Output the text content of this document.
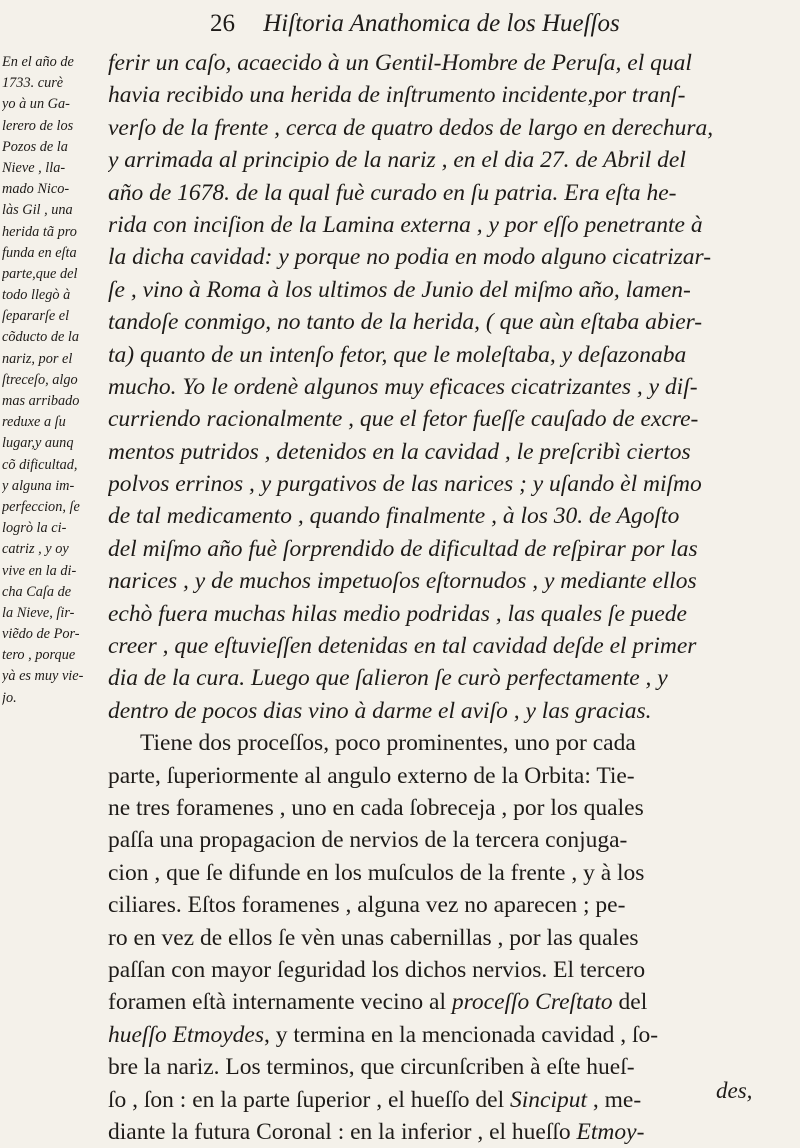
26 Hiſtoria Anathomica de los Hueſſos
En el año de
1733. curè
yo à un Ga-
lerero de los
Pozos de la
Nieve , lla-
mado Nico-
làs Gil , una
herida tã pro
funda en eſta
parte,que del
todo llegò à
ſepararſe el
cõducto de la
nariz, por el
ſtreceſo, algo
mas arribado
reduxe a ſu
lugar,y aunq
cõ dificultad,
y alguna im-
perfeccion, ſe
logrò la ci-
catriz , y oy
vive en la di-
cha Caſa de
la Nieve, ſir-
viẽdo de Por-
tero , porque
yà es muy vie-
jo.
ferir un caſo, acaecido à un Gentil-Hombre de Peruſa, el qual
havia recibido una herida de inſtrumento incidente,por tranſ-
verſo de la frente , cerca de quatro dedos de largo en derechura,
y arrimada al principio de la nariz , en el dia 27. de Abril del
año de 1678. de la qual fuè curado en ſu patria. Era eſta he-
rida con inciſion de la Lamina externa , y por eſſo penetrante à
la dicha cavidad: y porque no podia en modo alguno cicatrizar-
ſe , vino à Roma à los ultimos de Junio del miſmo año, lamen-
tandoſe conmigo, no tanto de la herida, ( que aùn eſtaba abier-
ta) quanto de un intenſo fetor, que le moleſtaba, y deſazonaba
mucho. Yo le ordenè algunos muy eficaces cicatrizantes , y diſ-
curriendo racionalmente , que el fetor fueſſe cauſado de excre-
mentos putridos , detenidos en la cavidad , le preſcribì ciertos
polvos errinos , y purgativos de las narices ; y uſando èl miſmo
de tal medicamento , quando finalmente , à los 30. de Agoſto
del miſmo año fuè ſorprendido de dificultad de reſpirar por las
narices , y de muchos impetuoſos eſtornudos , y mediante ellos
echò fuera muchas hilas medio podridas , las quales ſe puede
creer , que eſtuvieſſen detenidas en tal cavidad deſde el primer
dia de la cura. Luego que ſalieron ſe curò perfectamente , y
dentro de pocos dias vino à darme el aviſo , y las gracias.
Tiene dos proceſſos, poco prominentes, uno por cada
parte, ſuperiormente al angulo externo de la Orbita: Tie-
ne tres foramenes , uno en cada ſobreceja , por los quales
paſſa una propagacion de nervios de la tercera conjuga-
cion , que ſe difunde en los muſculos de la frente , y à los
ciliares. Eſtos foramenes , alguna vez no aparecen ; pe-
ro en vez de ellos ſe vèn unas cabernillas , por las quales
paſſan con mayor ſeguridad los dichos nervios. El tercero
foramen eſtà internamente vecino al proceſſo Creſtato del
hueſſo Etmoydes, y termina en la mencionada cavidad , ſo-
bre la nariz. Los terminos, que circunſcriben à eſte hueſ-
ſo , ſon : en la parte ſuperior , el hueſſo del Sinciput , me-
diante la futura Coronal : en la inferior , el hueſſo Etmoy-
des,
